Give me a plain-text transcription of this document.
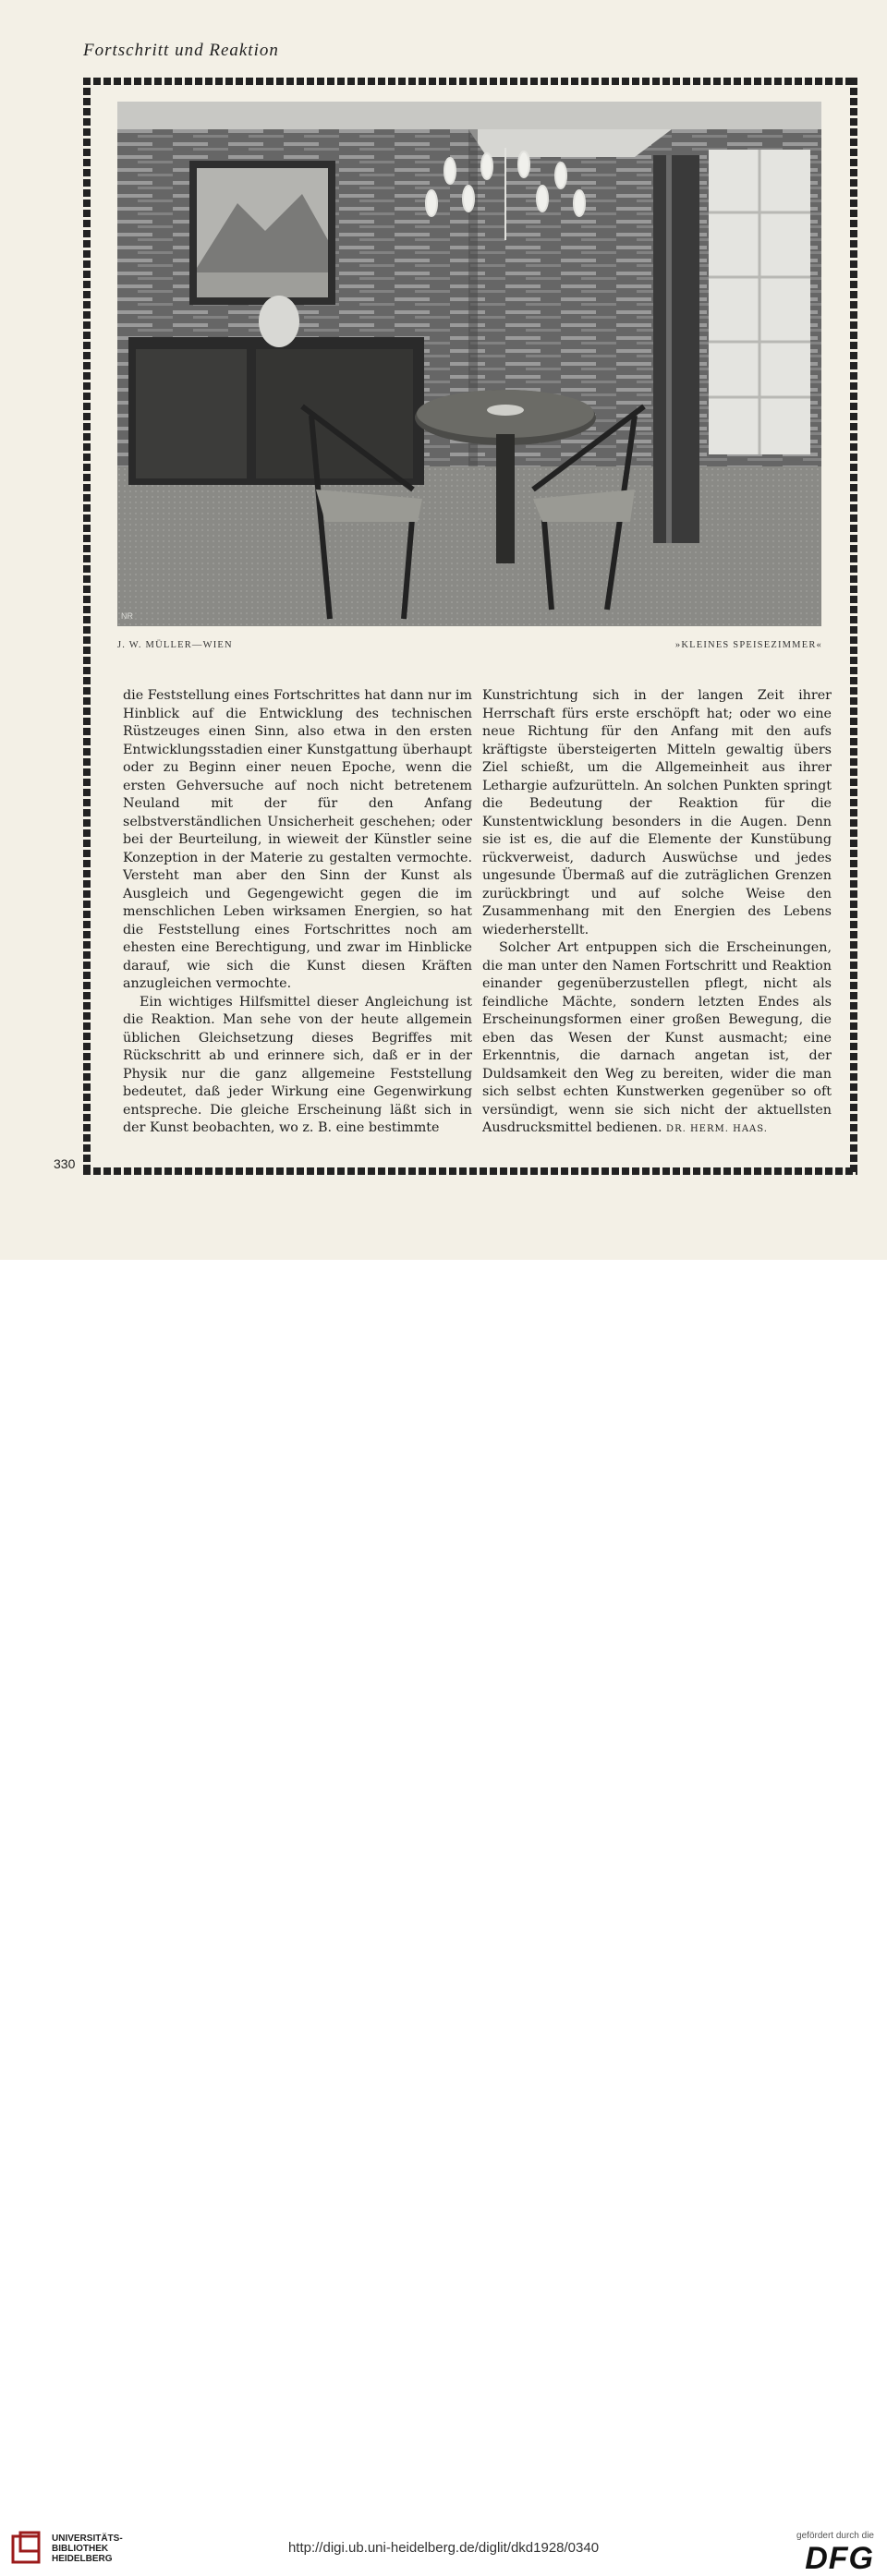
Fortschritt und Reaktion
NR
J. W. MÜLLER—WIEN	»KLEINES SPEISEZIMMER«

die Feststellung eines Fortschrittes hat dann nur im Hinblick auf die Entwicklung des technischen Rüstzeuges einen Sinn, also etwa in den ersten Entwicklungsstadien einer Kunstgattung überhaupt oder zu Beginn einer neuen Epoche, wenn die ersten Gehversuche auf noch nicht betretenem Neuland mit der für den Anfang selbstverständlichen Unsicherheit geschehen; oder bei der Beurteilung, in wieweit der Künstler seine Konzeption in der Materie zu gestalten vermochte. Versteht man aber den Sinn der Kunst als Ausgleich und Gegengewicht gegen die im menschlichen Leben wirksamen Energien, so hat die Feststellung eines Fortschrittes noch am ehesten eine Berechtigung, und zwar im Hinblicke darauf, wie sich die Kunst diesen Kräften anzugleichen vermochte.

Ein wichtiges Hilfsmittel dieser Angleichung ist die Reaktion. Man sehe von der heute allgemein üblichen Gleichsetzung dieses Begriffes mit Rückschritt ab und erinnere sich, daß er in der Physik nur die ganz allgemeine Feststellung bedeutet, daß jeder Wirkung eine Gegenwirkung entspreche. Die gleiche Erscheinung läßt sich in der Kunst beobachten, wo z. B. eine bestimmte

Kunstrichtung sich in der langen Zeit ihrer Herrschaft fürs erste erschöpft hat; oder wo eine neue Richtung für den Anfang mit den aufs kräftigste übersteigerten Mitteln gewaltig übers Ziel schießt, um die Allgemeinheit aus ihrer Lethargie aufzurütteln. An solchen Punkten springt die Bedeutung der Reaktion für die Kunstentwicklung besonders in die Augen. Denn sie ist es, die auf die Elemente der Kunstübung rückverweist, dadurch Auswüchse und jedes ungesunde Übermaß auf die zuträglichen Grenzen zurückbringt und auf solche Weise den Zusammenhang mit den Energien des Lebens wiederherstellt.

Solcher Art entpuppen sich die Erscheinungen, die man unter den Namen Fortschritt und Reaktion einander gegenüberzustellen pflegt, nicht als feindliche Mächte, sondern letzten Endes als Erscheinungsformen einer großen Bewegung, die eben das Wesen der Kunst ausmacht; eine Erkenntnis, die darnach angetan ist, der Duldsamkeit den Weg zu bereiten, wider die man sich selbst echten Kunstwerken gegenüber so oft versündigt, wenn sie sich nicht der aktuellsten Ausdrucksmittel bedienen. DR. HERM. HAAS.

330
UNIVERSITÄTS-
BIBLIOTHEK
HEIDELBERG
http://digi.ub.uni-heidelberg.de/diglit/dkd1928/0340
gefördert durch die
DFG
